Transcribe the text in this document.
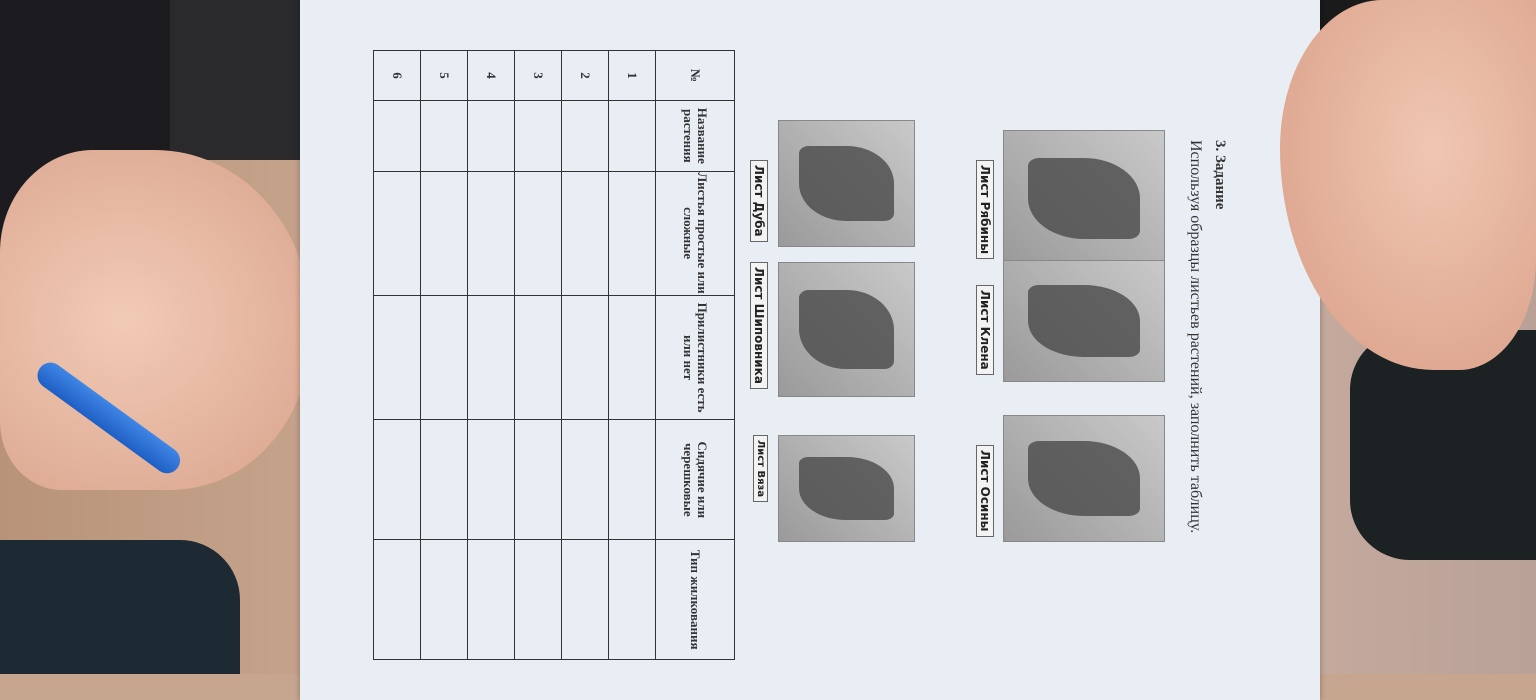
3. Задание
Используя образцы листьев растений, заполнить таблицу.
Лист Рябины
Лист Клена
Лист Осины
Лист Дуба
Лист Шиповника
Лист Вяза
№	Название растения	Листья простые или сложные	Прилистники есть или нет	Сидячие или черешковые	Тип жилкования
1					
2					
3					
4					
5					
6					
